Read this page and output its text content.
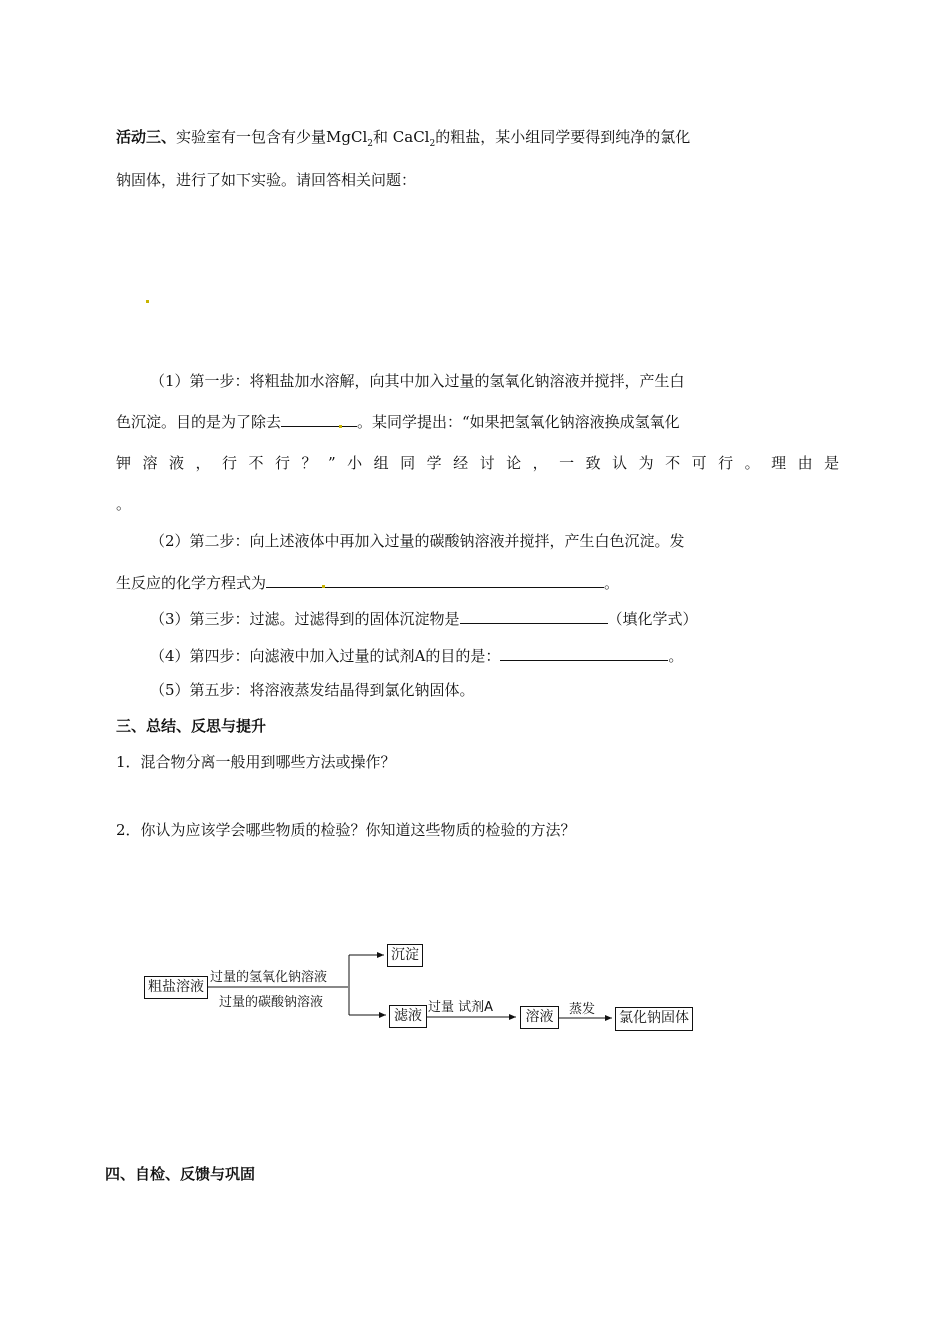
活动三、实验室有一包含有少量MgCl$_2$和 CaCl$_2$的粗盐，某小组同学要得到纯净的氯化
钠固体，进行了如下实验。请回答相关问题：
（1）第一步：将粗盐加水溶解，向其中加入过量的氢氧化钠溶液并搅拌，产生白
色沉淀。目的是为了除去	。某同学提出：“如果把氢氧化钠溶液换成氢氧化
钾溶液，行不行？”小组同学经讨论，一致认为不可行。理由是
。
（2）第二步：向上述液体中再加入过量的碳酸钠溶液并搅拌，产生白色沉淀。发
生反应的化学方程式为	。
（3）第三步：过滤。过滤得到的固体沉淀物是	（填化学式）
（4）第四步：向滤液中加入过量的试剂A的目的是：	。
（5）第五步：将溶液蒸发结晶得到氯化钠固体。
三、总结、反思与提升
1．混合物分离一般用到哪些方法或操作？
2．你认为应该学会哪些物质的检验？你知道这些物质的检验的方法？
粗盐溶液
过量的氢氧化钠溶液
过量的碳酸钠溶液
沉淀
滤液
过量 试剂A
溶液	蒸发
氯化钠固体
四、自检、反馈与巩固
